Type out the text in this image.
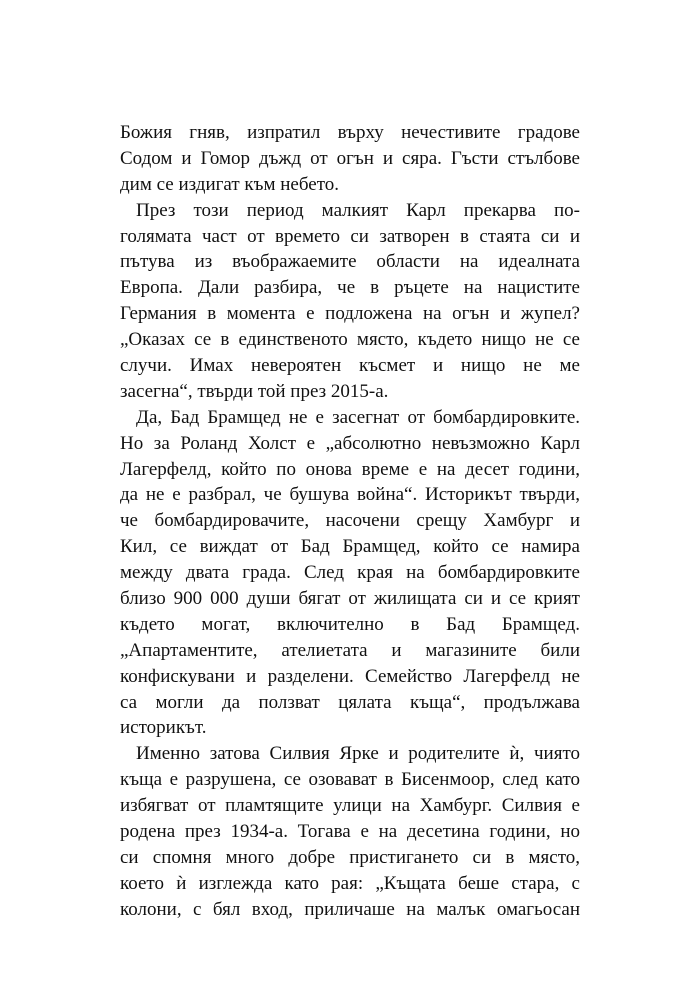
Божия гняв, изпратил върху нечестивите градове
Содом и Гомор дъжд от огън и сяра. Гъсти стълбове
дим се издигат към небето.
През този период малкият Карл прекарва по-
голямата част от времето си затворен в стаята си и
пътува из въображаемите области на идеалната
Европа. Дали разбира, че в ръцете на нацистите
Германия в момента е подложена на огън и жупел?
„Оказах се в единственото място, където нищо не се
случи. Имах невероятен късмет и нищо не ме
засегна“, твърди той през 2015-а.
Да, Бад Брамщед не е засегнат от бомбардировките.
Но за Роланд Холст е „абсолютно невъзможно Карл
Лагерфелд, който по онова време е на десет години,
да не е разбрал, че бушува война“. Историкът твърди,
че бомбардировачите, насочени срещу Хамбург и
Кил, се виждат от Бад Брамщед, който се намира
между двата града. След края на бомбардировките
близо 900 000 души бягат от жилищата си и се крият
където могат, включително в Бад Брамщед.
„Апартаментите, ателиетата и магазините били
конфискувани и разделени. Семейство Лагерфелд не
са могли да ползват цялата къща“, продължава
историкът.
Именно затова Силвия Ярке и родителите ѝ, чиято
къща е разрушена, се озовават в Бисенмоор, след като
избягват от пламтящите улици на Хамбург. Силвия е
родена през 1934-а. Тогава е на десетина години, но
си спомня много добре пристигането си в място,
което ѝ изглежда като рая: „Къщата беше стара, с
колони, с бял вход, приличаше на малък омагьосан
